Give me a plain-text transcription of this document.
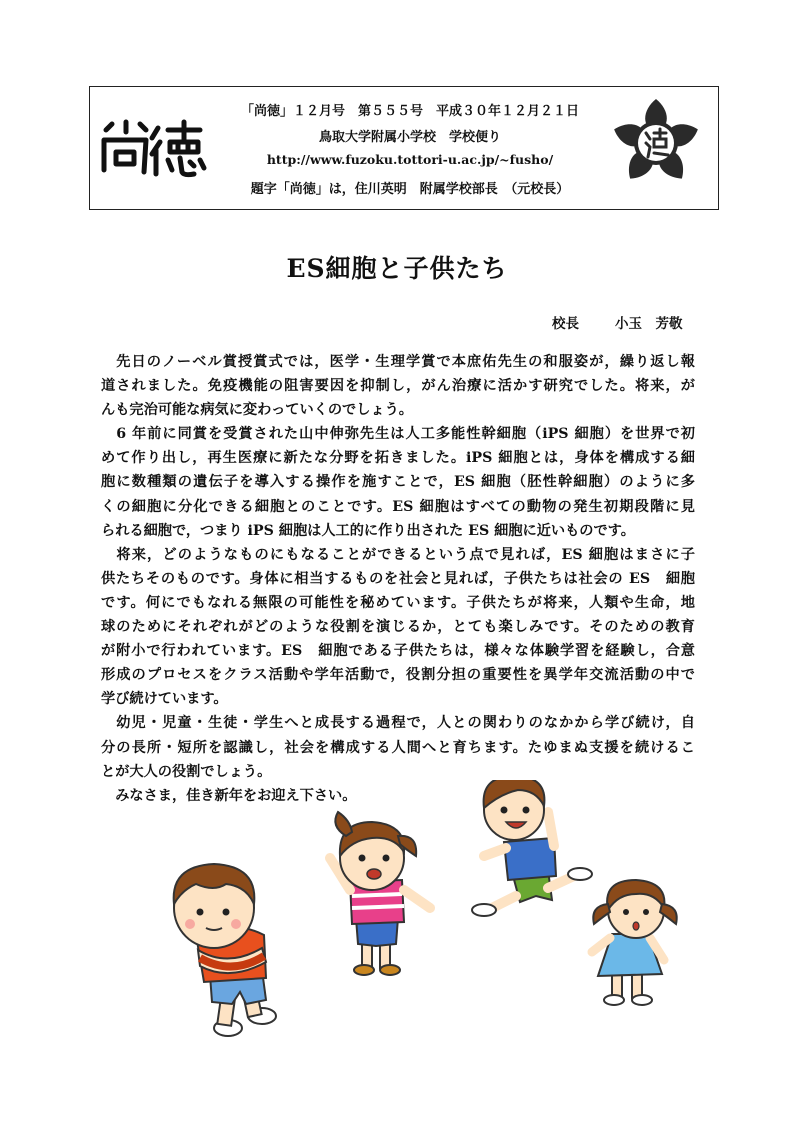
尚徳	「尚徳」１２月号　第５５５号　平成３０年１２月２１日
鳥取大学附属小学校　学校便り
http://www.fuzoku.tottori-u.ac.jp/~fusho/
題字「尚徳」は，住川英明　附属学校部長　（元校長）
ES細胞と子供たち
校長	小玉　芳敬
　先日のノーベル賞授賞式では，医学・生理学賞で本庶佑先生の和服姿が，繰り返し報
道されました。免疫機能の阻害要因を抑制し，がん治療に活かす研究でした。将来，が
んも完治可能な病気に変わっていくのでしょう。
　6 年前に同賞を受賞された山中伸弥先生は人工多能性幹細胞（iPS 細胞）を世界で初
めて作り出し，再生医療に新たな分野を拓きました。iPS 細胞とは，身体を構成する細
胞に数種類の遺伝子を導入する操作を施すことで，ES 細胞（胚性幹細胞）のように多
くの細胞に分化できる細胞とのことです。ES 細胞はすべての動物の発生初期段階に見
られる細胞で，つまり iPS 細胞は人工的に作り出された ES 細胞に近いものです。
　将来，どのようなものにもなることができるという点で見れば，ES 細胞はまさに子
供たちそのものです。身体に相当するものを社会と見れば，子供たちは社会の ES　細胞
です。何にでもなれる無限の可能性を秘めています。子供たちが将来，人類や生命，地
球のためにそれぞれがどのような役割を演じるか，とても楽しみです。そのための教育
が附小で行われています。ES　細胞である子供たちは，様々な体験学習を経験し，合意
形成のプロセスをクラス活動や学年活動で，役割分担の重要性を異学年交流活動の中で
学び続けています。
　幼児・児童・生徒・学生へと成長する過程で，人との関わりのなかから学び続け，自
分の長所・短所を認識し，社会を構成する人間へと育ちます。たゆまぬ支援を続けるこ
とが大人の役割でしょう。
　みなさま，佳き新年をお迎え下さい。
